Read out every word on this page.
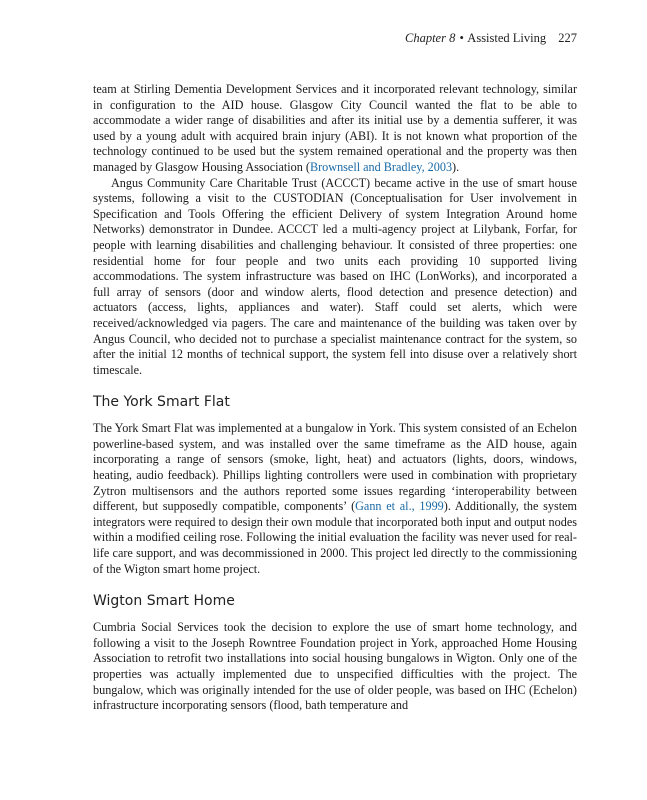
Chapter 8 • Assisted Living 227

team at Stirling Dementia Development Services and it incorporated relevant technology, similar in configuration to the AID house. Glasgow City Council wanted the flat to be able to accommodate a wider range of disabilities and after its initial use by a dementia sufferer, it was used by a young adult with acquired brain injury (ABI). It is not known what proportion of the technology continued to be used but the system remained operational and the property was then managed by Glasgow Housing Association (Brownsell and Bradley, 2003).

Angus Community Care Charitable Trust (ACCCT) became active in the use of smart house systems, following a visit to the CUSTODIAN (Conceptualisation for User involvement in Specification and Tools Offering the efficient Delivery of system Integration Around home Networks) demonstrator in Dundee. ACCCT led a multi-agency project at Lilybank, Forfar, for people with learning disabilities and challenging behaviour. It consisted of three properties: one residential home for four people and two units each providing 10 supported living accommodations. The system infrastructure was based on IHC (LonWorks), and incorporated a full array of sensors (door and window alerts, flood detection and presence detection) and actuators (access, lights, appliances and water). Staff could set alerts, which were received/acknowledged via pagers. The care and maintenance of the building was taken over by Angus Council, who decided not to purchase a specialist maintenance contract for the system, so after the initial 12 months of technical support, the system fell into disuse over a relatively short timescale.

The York Smart Flat

The York Smart Flat was implemented at a bungalow in York. This system consisted of an Echelon powerline-based system, and was installed over the same timeframe as the AID house, again incorporating a range of sensors (smoke, light, heat) and actuators (lights, doors, windows, heating, audio feedback). Phillips lighting controllers were used in combination with proprietary Zytron multisensors and the authors reported some issues regarding ‘interoperability between different, but supposedly compatible, components’ (Gann et al., 1999). Additionally, the system integrators were required to design their own module that incorporated both input and output nodes within a modified ceiling rose. Following the initial evaluation the facility was never used for real-life care support, and was decommissioned in 2000. This project led directly to the commissioning of the Wigton smart home project.

Wigton Smart Home

Cumbria Social Services took the decision to explore the use of smart home technology, and following a visit to the Joseph Rowntree Foundation project in York, approached Home Housing Association to retrofit two installations into social housing bungalows in Wigton. Only one of the properties was actually implemented due to unspecified difficulties with the project. The bungalow, which was originally intended for the use of older people, was based on IHC (Echelon) infrastructure incorporating sensors (flood, bath temperature and
